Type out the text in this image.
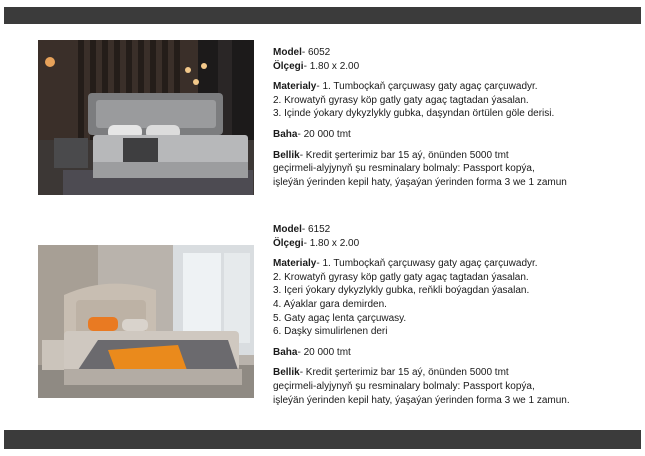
Model- 6052

Ölçegi- 1.80 x 2.00

Materialy- 1. Tumboçkaň çarçuwasy gaty agaç çarçuwadyr.

2. Krowatyň gyrasy köp gatly gaty agaç tagtadan ýasalan.

3. Içinde ýokary dykyzlykly gubka, daşyndan örtülen göle derisi.

Baha- 20 000 tmt

Bellik- Kredit şerterimiz bar 15 aý, önünden 5000 tmt

geçirmeli-alyjynyň şu resminalary bolmaly: Passport kopýa,

işleýän ýerinden kepil haty, ýaşaýan ýerinden forma 3 we 1 zamun

Model- 6152

Ölçegi- 1.80 x 2.00

Materialy- 1. Tumboçkaň çarçuwasy gaty agaç çarçuwadyr.

2. Krowatyň gyrasy köp gatly gaty agaç tagtadan ýasalan.

3. Içeri ýokary dykyzlykly gubka, reňkli boýagdan ýasalan.

4. Aýaklar gara demirden.

5. Gaty agaç lenta çarçuwasy.

6. Daşky simulirlenen deri

Baha- 20 000 tmt

Bellik- Kredit şerterimiz bar 15 aý, önünden 5000 tmt

geçirmeli-alyjynyň şu resminalary bolmaly: Passport kopýa,

işleýän ýerinden kepil haty, ýaşaýan ýerinden forma 3 we 1 zamun.
